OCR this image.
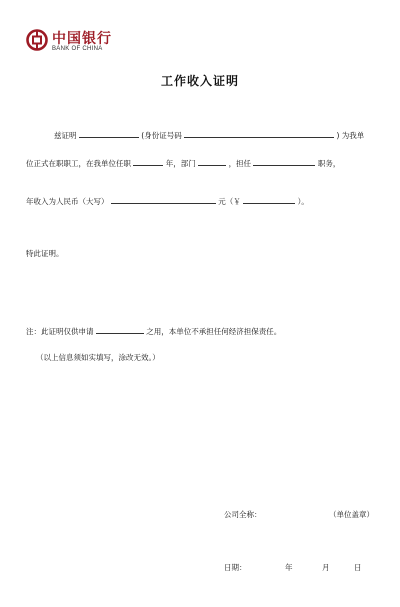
中国银行
BANK OF CHINA
工作收入证明
兹证明	(身份证号码	) 为我单
位正式在职职工，在我单位任职	年，部门	，担任	职务，
年收入为人民币（大写）	元（￥	）。
特此证明。
注：此证明仅供申请	之用，本单位不承担任何经济担保责任。
（以上信息须如实填写，涂改无效。）
公司全称：	（单位盖章）
日期：	年	月	日
